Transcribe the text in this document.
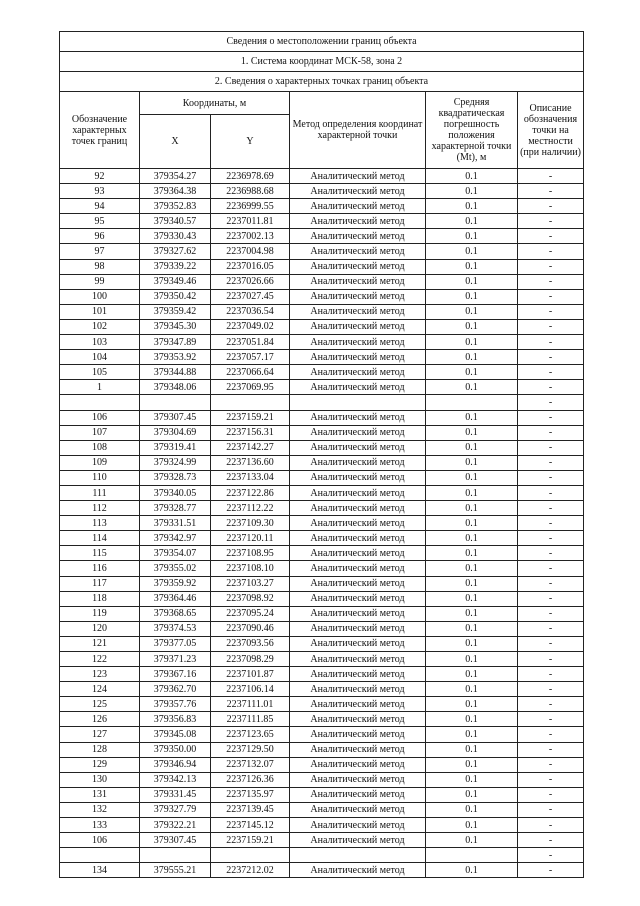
Сведения о местоположении границ объекта					
1. Система координат МСК-58, зона 2					
2. Сведения о характерных точках границ объекта					
Обозначение характерных точек границ	Координаты, м		Метод определения координат характерной точки	Средняя квадратическая погрешность положения характерной точки (Mt), м	Описание обозначения точки на местности (при наличии)
	X	Y			
92	379354.27	2236978.69	Аналитический метод	0.1	-
93	379364.38	2236988.68	Аналитический метод	0.1	-
94	379352.83	2236999.55	Аналитический метод	0.1	-
95	379340.57	2237011.81	Аналитический метод	0.1	-
96	379330.43	2237002.13	Аналитический метод	0.1	-
97	379327.62	2237004.98	Аналитический метод	0.1	-
98	379339.22	2237016.05	Аналитический метод	0.1	-
99	379349.46	2237026.66	Аналитический метод	0.1	-
100	379350.42	2237027.45	Аналитический метод	0.1	-
101	379359.42	2237036.54	Аналитический метод	0.1	-
102	379345.30	2237049.02	Аналитический метод	0.1	-
103	379347.89	2237051.84	Аналитический метод	0.1	-
104	379353.92	2237057.17	Аналитический метод	0.1	-
105	379344.88	2237066.64	Аналитический метод	0.1	-
1	379348.06	2237069.95	Аналитический метод	0.1	-
					-
106	379307.45	2237159.21	Аналитический метод	0.1	-
107	379304.69	2237156.31	Аналитический метод	0.1	-
108	379319.41	2237142.27	Аналитический метод	0.1	-
109	379324.99	2237136.60	Аналитический метод	0.1	-
110	379328.73	2237133.04	Аналитический метод	0.1	-
111	379340.05	2237122.86	Аналитический метод	0.1	-
112	379328.77	2237112.22	Аналитический метод	0.1	-
113	379331.51	2237109.30	Аналитический метод	0.1	-
114	379342.97	2237120.11	Аналитический метод	0.1	-
115	379354.07	2237108.95	Аналитический метод	0.1	-
116	379355.02	2237108.10	Аналитический метод	0.1	-
117	379359.92	2237103.27	Аналитический метод	0.1	-
118	379364.46	2237098.92	Аналитический метод	0.1	-
119	379368.65	2237095.24	Аналитический метод	0.1	-
120	379374.53	2237090.46	Аналитический метод	0.1	-
121	379377.05	2237093.56	Аналитический метод	0.1	-
122	379371.23	2237098.29	Аналитический метод	0.1	-
123	379367.16	2237101.87	Аналитический метод	0.1	-
124	379362.70	2237106.14	Аналитический метод	0.1	-
125	379357.76	2237111.01	Аналитический метод	0.1	-
126	379356.83	2237111.85	Аналитический метод	0.1	-
127	379345.08	2237123.65	Аналитический метод	0.1	-
128	379350.00	2237129.50	Аналитический метод	0.1	-
129	379346.94	2237132.07	Аналитический метод	0.1	-
130	379342.13	2237126.36	Аналитический метод	0.1	-
131	379331.45	2237135.97	Аналитический метод	0.1	-
132	379327.79	2237139.45	Аналитический метод	0.1	-
133	379322.21	2237145.12	Аналитический метод	0.1	-
106	379307.45	2237159.21	Аналитический метод	0.1	-
					-
134	379555.21	2237212.02	Аналитический метод	0.1	-
